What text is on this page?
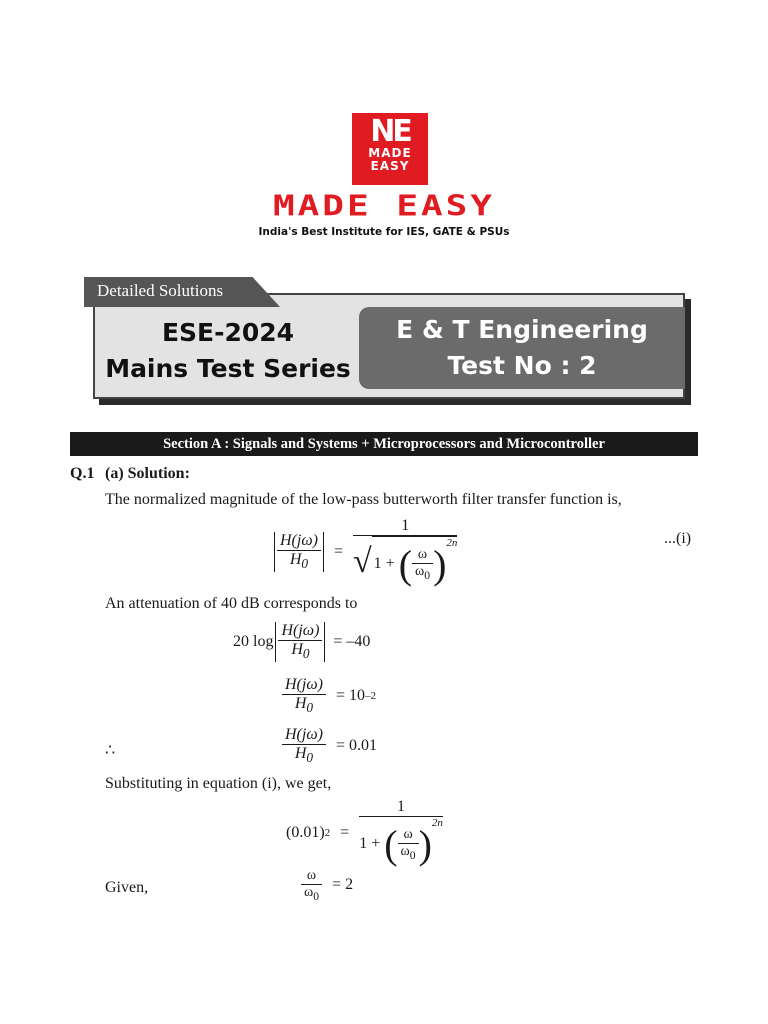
NE
MADE
EASY
MADE EASY
India's Best Institute for IES, GATE & PSUs
Detailed Solutions
ESE-2024
Mains Test Series
E & T Engineering
Test No : 2
Section A : Signals and Systems + Microprocessors and Microcontroller
Q.1 (a) Solution:
The normalized magnitude of the low-pass butterworth filter transfer function is,
$\frac{H(j\omega)}{H_0} = \frac{1}{√ 1 + ( \frac{\omega}{\omega_0} )^{2n}}$	...(i)
An attenuation of 40 dB corresponds to
20 $\log \frac{H(j\omega)}{H_0} = -40$
$\frac{H(j\omega)}{H_0} = 10$ –2
∴	$\frac{H(j\omega)}{H_0} = 0.01$
Substituting in equation (i), we get,
(0.01) $2 = \frac{1}{1 + ( \frac{\omega}{\omega_0} )^{2n}}$
Given,	$\frac{\omega}{\omega_0} = 2$
